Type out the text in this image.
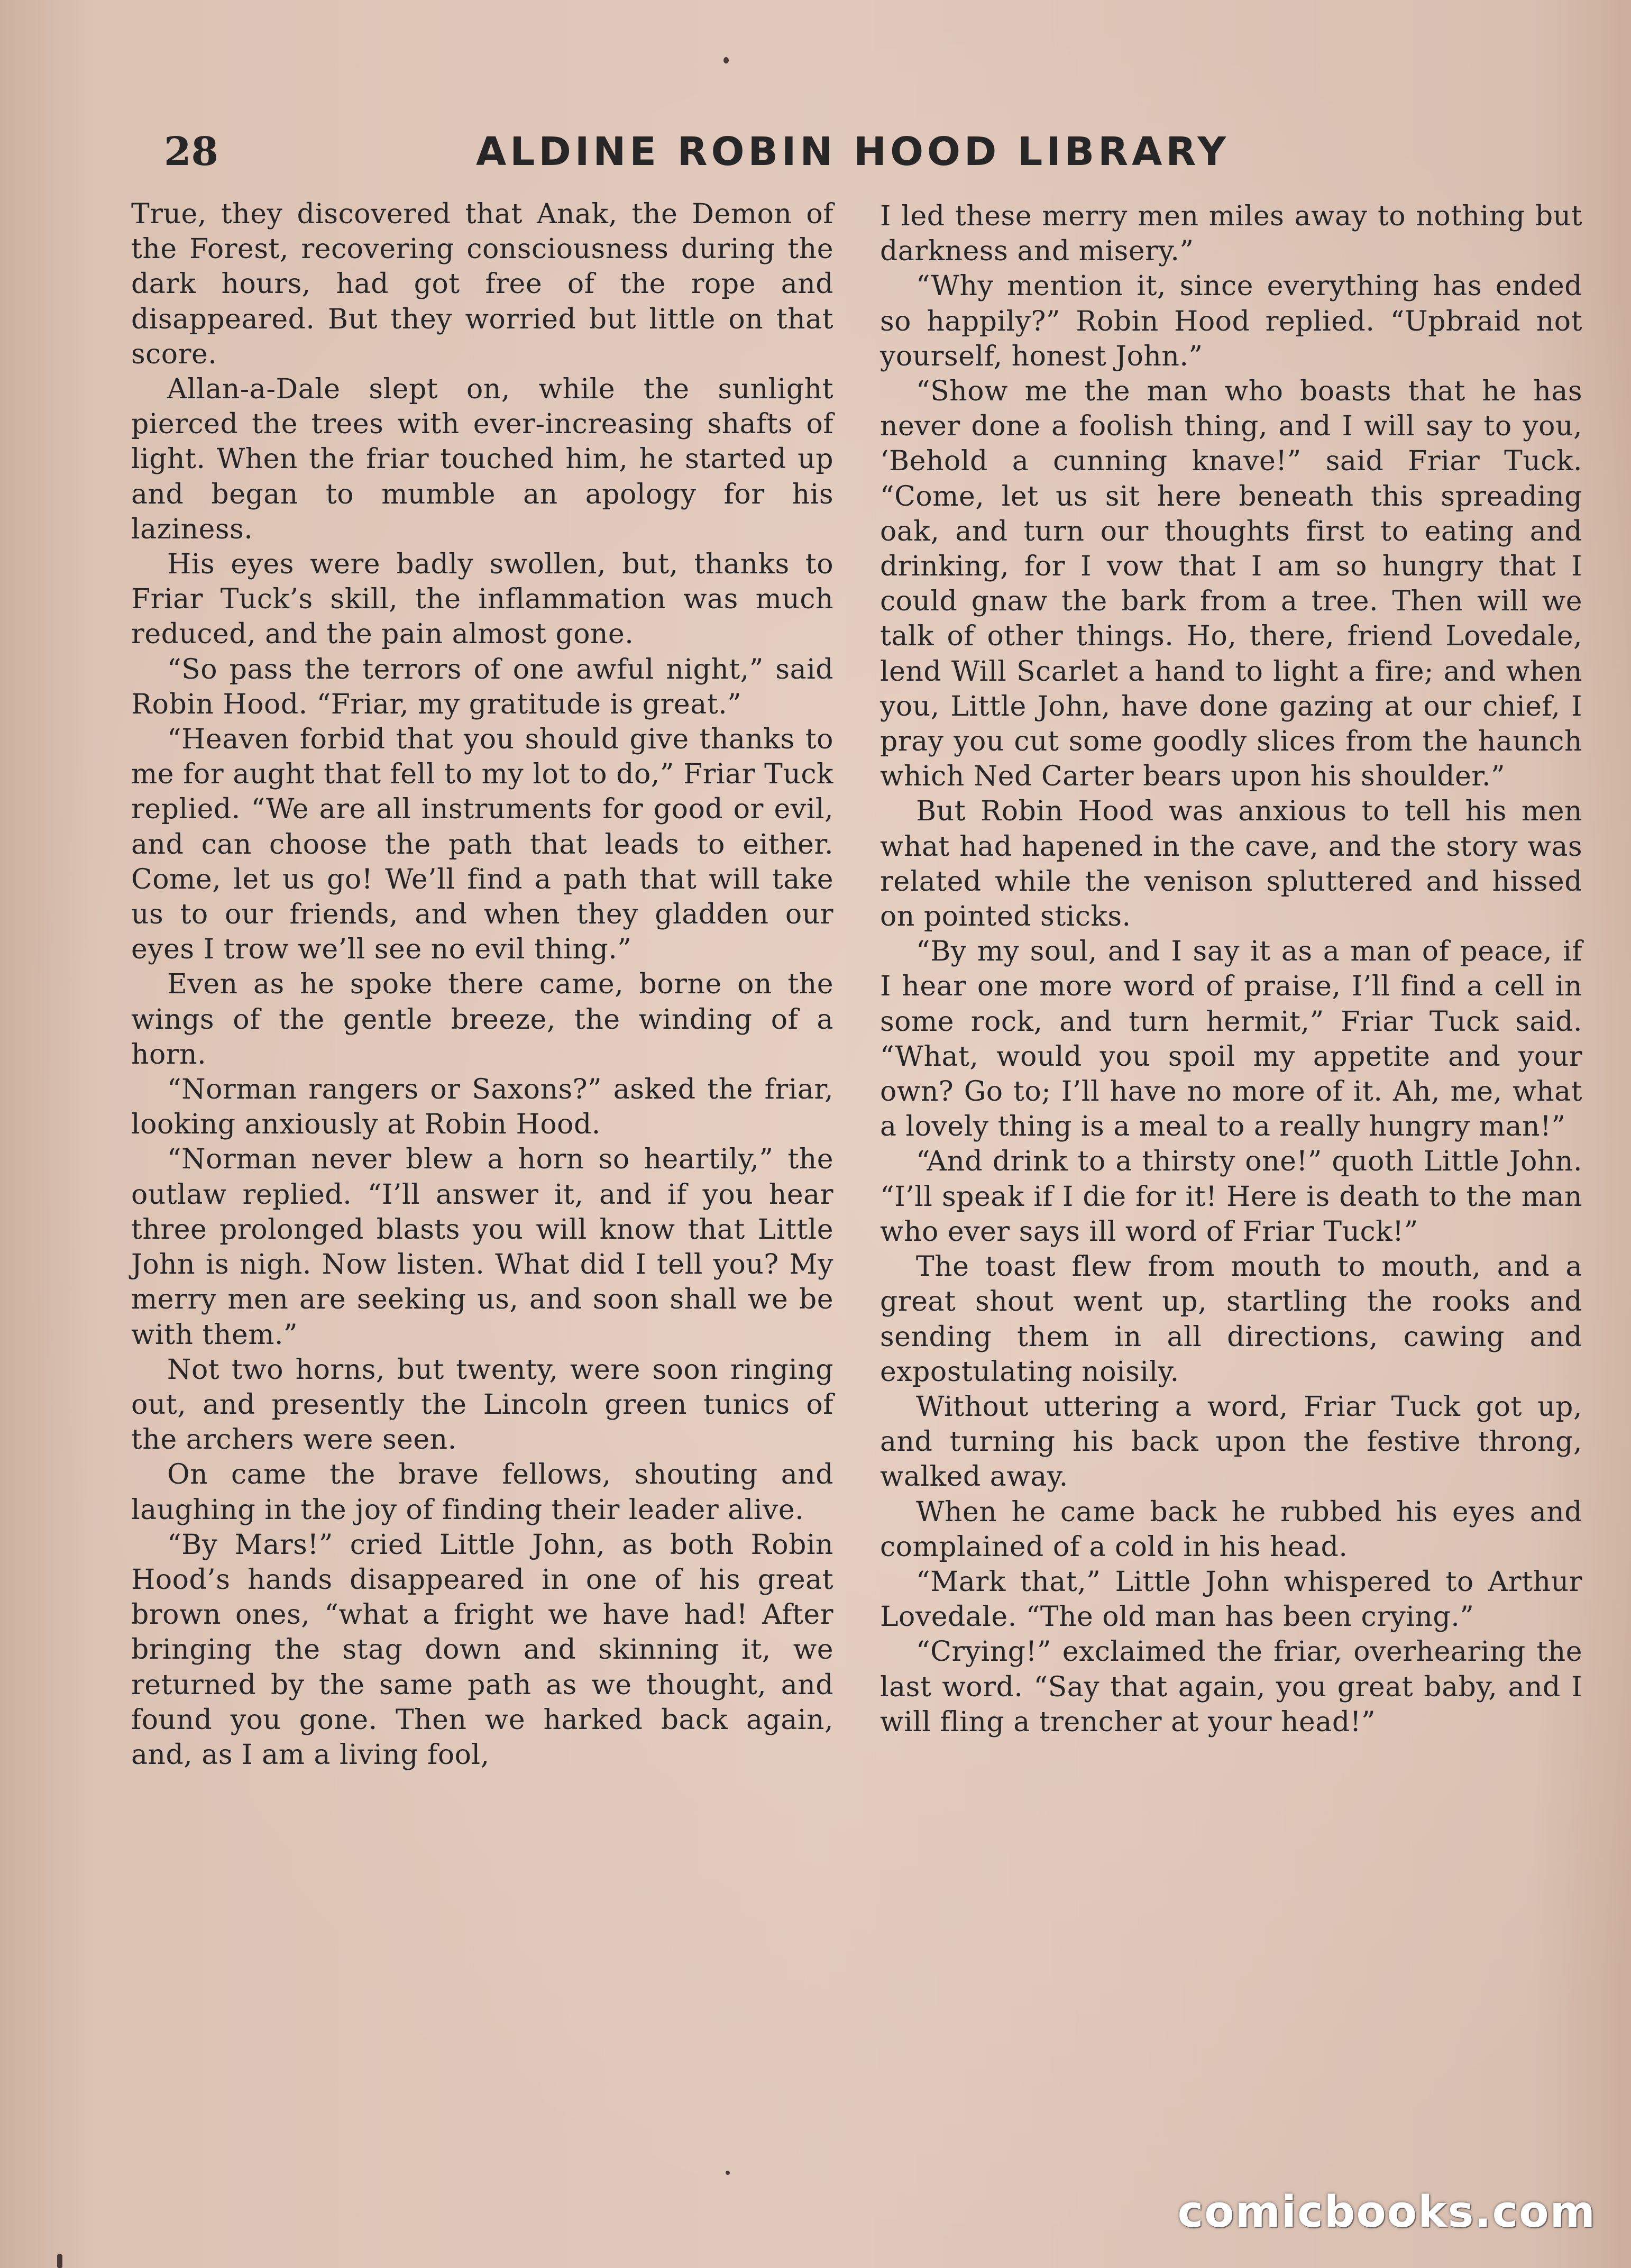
28	ALDINE ROBIN HOOD LIBRARY

True, they discovered that Anak, the Demon of the Forest, recovering consciousness during the dark hours, had got free of the rope and disappeared. But they worried but little on that score.

Allan-a-Dale slept on, while the sunlight pierced the trees with ever-increasing shafts of light. When the friar touched him, he started up and began to mumble an apology for his laziness.

His eyes were badly swollen, but, thanks to Friar Tuck’s skill, the inflammation was much reduced, and the pain almost gone.

“So pass the terrors of one awful night,” said Robin Hood. “Friar, my gratitude is great.”

“Heaven forbid that you should give thanks to me for aught that fell to my lot to do,” Friar Tuck replied. “We are all instruments for good or evil, and can choose the path that leads to either. Come, let us go! We’ll find a path that will take us to our friends, and when they gladden our eyes I trow we’ll see no evil thing.”

Even as he spoke there came, borne on the wings of the gentle breeze, the winding of a horn.

“Norman rangers or Saxons?” asked the friar, looking anxiously at Robin Hood.

“Norman never blew a horn so heartily,” the outlaw replied. “I’ll answer it, and if you hear three prolonged blasts you will know that Little John is nigh. Now listen. What did I tell you? My merry men are seeking us, and soon shall we be with them.”

Not two horns, but twenty, were soon ringing out, and presently the Lincoln green tunics of the archers were seen.

On came the brave fellows, shouting and laughing in the joy of finding their leader alive.

“By Mars!” cried Little John, as both Robin Hood’s hands disappeared in one of his great brown ones, “what a fright we have had! After bringing the stag down and skinning it, we returned by the same path as we thought, and found you gone. Then we harked back again, and, as I am a living fool,

I led these merry men miles away to nothing but darkness and misery.”

“Why mention it, since everything has ended so happily?” Robin Hood replied. “Upbraid not yourself, honest John.”

“Show me the man who boasts that he has never done a foolish thing, and I will say to you, ‘Behold a cunning knave!” said Friar Tuck. “Come, let us sit here beneath this spreading oak, and turn our thoughts first to eating and drinking, for I vow that I am so hungry that I could gnaw the bark from a tree. Then will we talk of other things. Ho, there, friend Lovedale, lend Will Scarlet a hand to light a fire; and when you, Little John, have done gazing at our chief, I pray you cut some goodly slices from the haunch which Ned Carter bears upon his shoulder.”

But Robin Hood was anxious to tell his men what had hapened in the cave, and the story was related while the venison spluttered and hissed on pointed sticks.

“By my soul, and I say it as a man of peace, if I hear one more word of praise, I’ll find a cell in some rock, and turn hermit,” Friar Tuck said. “What, would you spoil my appetite and your own? Go to; I’ll have no more of it. Ah, me, what a lovely thing is a meal to a really hungry man!”

“And drink to a thirsty one!” quoth Little John. “I’ll speak if I die for it! Here is death to the man who ever says ill word of Friar Tuck!”

The toast flew from mouth to mouth, and a great shout went up, startling the rooks and sending them in all directions, cawing and expostulating noisily.

Without uttering a word, Friar Tuck got up, and turning his back upon the festive throng, walked away.

When he came back he rubbed his eyes and complained of a cold in his head.

“Mark that,” Little John whispered to Arthur Lovedale. “The old man has been crying.”

“Crying!” exclaimed the friar, overhearing the last word. “Say that again, you great baby, and I will fling a trencher at your head!”

comicbooks.com
